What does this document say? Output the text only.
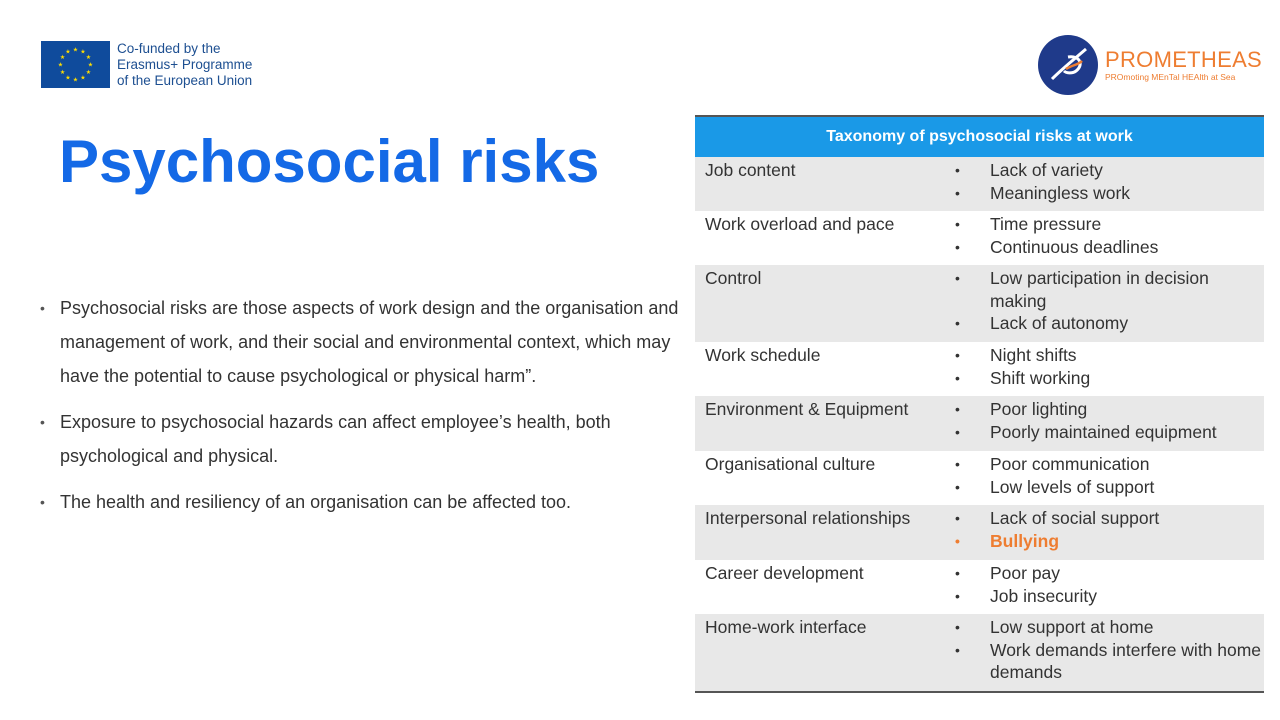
★ ★
★
★
★
★
★
★
★
★
★
★	Co-funded by the
Erasmus+ Programme
of the European Union
PROMETHEAS
PROmoting MEnTal HEAlth at Sea
Psychosocial risks
• Psychosocial risks are those aspects of work design and the organisation and management of work, and their social and environmental context, which may have the potential to cause psychological or physical harm”.
• Exposure to psychosocial hazards can affect employee’s health, both psychological and physical.
• The health and resiliency of an organisation can be affected too.
Taxonomy of psychosocial risks at work
Job content	• Lack of variety
• Meaningless work
Work overload and pace	• Time pressure
• Continuous deadlines
Control	• Low participation in decision making
• Lack of autonomy
Work schedule	• Night shifts
• Shift working
Environment & Equipment	• Poor lighting
• Poorly maintained equipment
Organisational culture	• Poor communication
• Low levels of support
Interpersonal relationships	• Lack of social support
• Bullying
Career development	• Poor pay
• Job insecurity
Home-work interface	• Low support at home
• Work demands interfere with home demands
